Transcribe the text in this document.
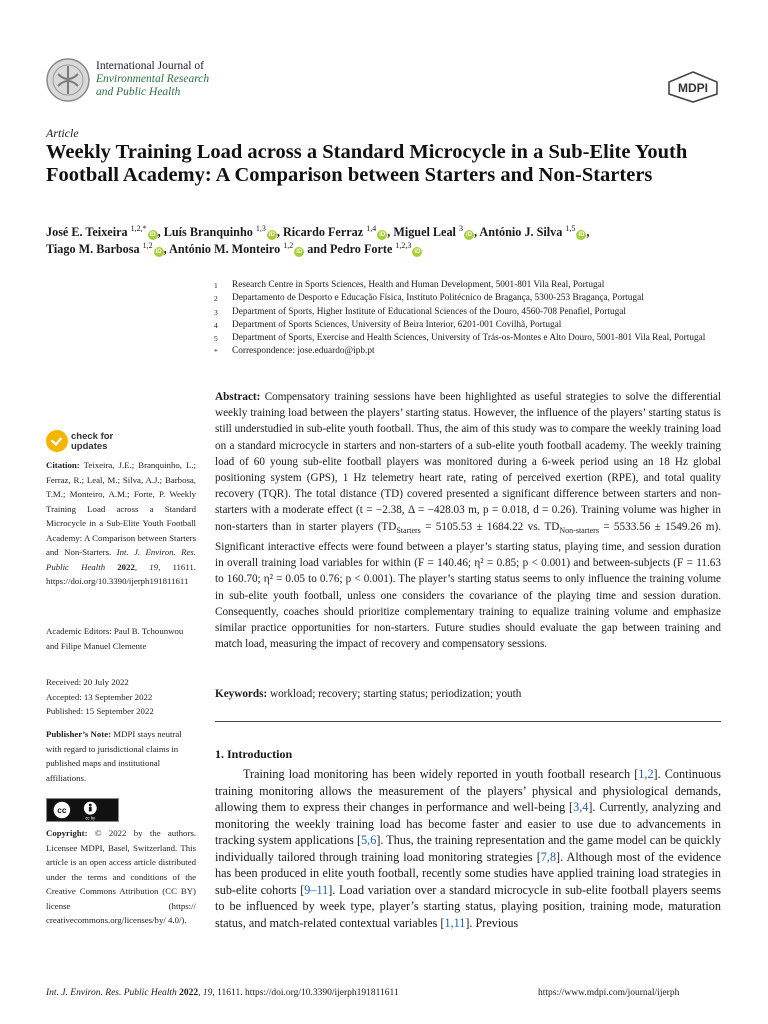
International Journal of
Environmental Research
and Public Health	MDPI
Article
Weekly Training Load across a Standard Microcycle in a Sub-Elite Youth Football Academy: A Comparison between Starters and Non-Starters
José E. Teixeira $^{1,2,*}$iD , Luís Branquinho $^{1,3}$iD , Ricardo Ferraz $^{1,4}$iD , Miguel Leal $^3$iD , António J. Silva $^{1,5}$iD ,
Tiago M. Barbosa $^{1,2}$iD , António M. Monteiro $^{1,2}$iD and Pedro Forte $^{1,2,3}$iD
1	Research Centre in Sports Sciences, Health and Human Development, 5001-801 Vila Real, Portugal
2	Departamento de Desporto e Educação Física, Instituto Politécnico de Bragança, 5300-253 Bragança, Portugal
3	Department of Sports, Higher Institute of Educational Sciences of the Douro, 4560-708 Penafiel, Portugal
4	Department of Sports Sciences, University of Beira Interior, 6201-001 Covilhã, Portugal
5	Department of Sports, Exercise and Health Sciences, University of Trás-os-Montes e Alto Douro, 5001-801 Vila Real, Portugal
*	Correspondence: jose.eduardo@ipb.pt
Abstract: Compensatory training sessions have been highlighted as useful strategies to solve the differential weekly training load between the players’ starting status. However, the influence of the players’ starting status is still understudied in sub-elite youth football. Thus, the aim of this study was to compare the weekly training load on a standard microcycle in starters and non-starters of a sub-elite youth football academy. The weekly training load of 60 young sub-elite football players was monitored during a 6-week period using an 18 Hz global positioning system (GPS), 1 Hz telemetry heart rate, rating of perceived exertion (RPE), and total quality recovery (TQR). The total distance (TD) covered presented a significant difference between starters and non-starters with a moderate effect (t = −2.38, Δ = −428.03 m, p = 0.018, d = 0.26). Training volume was higher in non-starters than in starter players ($TD_{Starters} = 5105.53 \pm 1684.22$ vs. $TD_{Non-starters} = 5533.56 \pm 1549.26$ m). Significant interactive effects were found between a player’s starting status, playing time, and session duration in overall training load variables for within (F = 140.46; η² = 0.85; p < 0.001) and between-subjects (F = 11.63 to 160.70; η² = 0.05 to 0.76; p < 0.001). The player’s starting status seems to only influence the training volume in sub-elite youth football, unless one considers the covariance of the playing time and session duration. Consequently, coaches should prioritize complementary training to equalize training volume and emphasize similar practice opportunities for non-starters. Future studies should evaluate the gap between training and match load, measuring the impact of recovery and compensatory sessions.
Keywords: workload; recovery; starting status; periodization; youth
check for
updates
Citation: Teixeira, J.E.; Branquinho, L.; Ferraz, R.; Leal, M.; Silva, A.J.; Barbosa, T.M.; Monteiro, A.M.; Forte, P. Weekly Training Load across a Standard Microcycle in a Sub-Elite Youth Football Academy: A Comparison between Starters and Non-Starters. Int. J. Environ. Res. Public Health 2022, 19, 11611. https://doi.org/10.3390/ijerph191811611
Academic Editors: Paul B. Tchounwou and Filipe Manuel Clemente
Received: 20 July 2022
Accepted: 13 September 2022
Published: 15 September 2022
Publisher’s Note: MDPI stays neutral with regard to jurisdictional claims in published maps and institutional affiliations.
cc
cc by
Copyright: © 2022 by the authors. Licensee MDPI, Basel, Switzerland. This article is an open access article distributed under the terms and conditions of the Creative Commons Attribution (CC BY) license (https:// creativecommons.org/licenses/by/ 4.0/).
1. Introduction
Training load monitoring has been widely reported in youth football research [1,2]. Continuous training monitoring allows the measurement of the players’ physical and physiological demands, allowing them to express their changes in performance and well-being [3,4]. Currently, analyzing and monitoring the weekly training load has become faster and easier to use due to advancements in tracking system applications [5,6]. Thus, the training representation and the game model can be quickly individually tailored through training load monitoring strategies [7,8]. Although most of the evidence has been produced in elite youth football, recently some studies have applied training load strategies in sub-elite cohorts [9–11]. Load variation over a standard microcycle in sub-elite football players seems to be influenced by week type, player’s starting status, playing position, training mode, maturation status, and match-related contextual variables [1,11]. Previous
Int. J. Environ. Res. Public Health 2022, 19, 11611. https://doi.org/10.3390/ijerph191811611	https://www.mdpi.com/journal/ijerph
